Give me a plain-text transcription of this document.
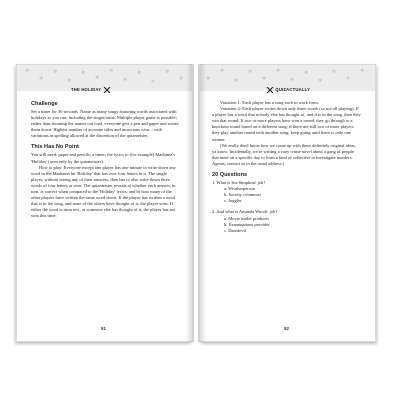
❄
❄
❄
❄
❄
❄
❄
❄
❄
❄
❄
❄
THE HOLIDAY
Challenge

Set a timer for 30 seconds. Name as many songs featuring words associated with holidays as you can, including the singer/artist. Multiple player game is possible; rather than shouting the names out loud, everyone gets a pen and paper and writes them down. Highest number of accurate titles and musicians wins – with variations in spelling allowed at the discretion of the quizmeister.

This Has No Point

You will need: paper and pencils; a timer; the lyrics to (for example) Madonna's 'Holiday' (seen only by the quizmeister).

How to play: Everyone except one player has one minute to write down any word in the Madonna hit 'Holiday' that has over four letters in it. The single player, without seeing any of their answers, then has to also write down three words of four letters or over. The quizmeister reveals a) whether each answer, in turn, is correct when compared to the 'Holiday' lyrics; and b) how many of the other players have written the same word down. If the player has written a word that is in the song, and none of the others have thought of it, the player wins. If either the word is incorrect, or someone else has thought of it, the player has not won this time.

91
❄
❄
❄
❄
❄
❄
❄
❄
❄
❄
❄
❄
QUIZACTUALLY

Variation 1: Each player has a song each to work from.

Variation 2: Each player writes down only three words (so not all playing). If a player has a word that nobody else has thought of, and it is in the song, then they win that round. If two or more players have won a round, they go through to a knockout round based on a different song; if there are still two or more players they play another round with another song; keep going until there is only one winner.

(We really don't know how we come up with these definitely original ideas, ya know. Incidentally, we're writing a cozy crime novel about a gang of people that meet on a specific day to form a kind of collective to investigate murders. Agents, contact us in the usual address.)

20 Questions

1. What is Iris Simpkins' job?

a. Weatherperson

b. Society columnist

c. Juggler

2. And what is Amanda Woods' job?

a. Movie trailer producer

b. Examinations provider

c. Daredevil

92
